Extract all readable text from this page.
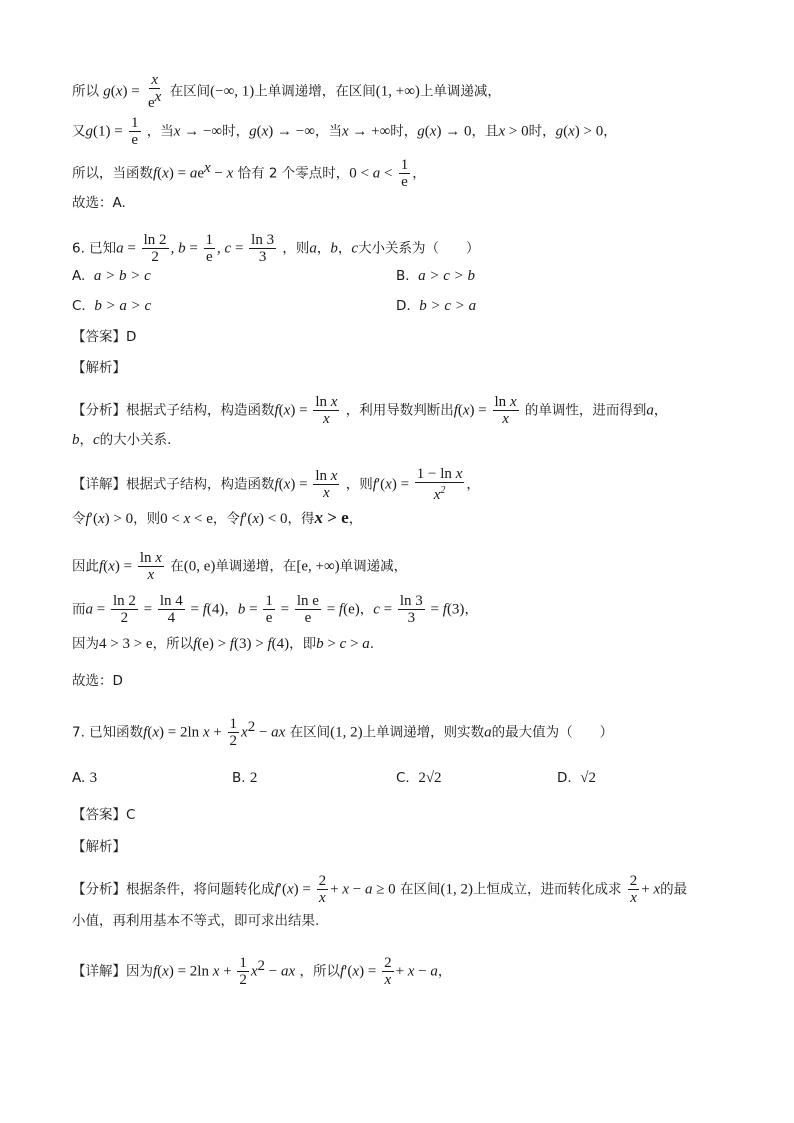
所以 $g(x) = \frac{x}{e^x}$ 在区间(−∞, 1)上单调递增，在区间(1, +∞)上单调递减，
又$g(1) = \frac{1}{e}$ ，当x → −∞时，g(x) → −∞，当x → +∞时，g(x) → 0，且x > 0时，g(x) > 0，
所以，当函数$f(x) = ae^x - x$ 恰有 2 个零点时，$0 < a < \frac{1}{e}$ ，
故选：A.
6. 已知$a = \frac{\ln 2}{2}$ , $b = \frac{1}{e}$ , $c = \frac{\ln 3}{3}$ ，则a，b，c大小关系为（　　）
A. a > b > c	B. a > c > b
C. b > a > c	D. b > c > a
【答案】D
【解析】
【分析】根据式子结构，构造函数$f(x) = \frac{\text{ln x}}{x}$ ，利用导数判断出$f(x) = \frac{\text{ln x}}{x}$ 的单调性，进而得到a，
b，c的大小关系.
【详解】根据式子结构，构造函数$f(x) = \frac{\text{ln x}}{x}$ ，则$f'(x) = \frac{\text{1 − ln x}}{x^2}$ ，
令f′(x) > 0，则0 < x < e，令f′(x) < 0，得x > e，
因此$f(x) = \frac{\text{ln x}}{x}$ 在(0, e)单调递增，在[e, +∞)单调递减，
而$a = \frac{\ln 2}{2} = \frac{\ln 4}{4} = f(4)$，$b = \frac{1}{e} = \frac{\text{ln e}}{e} = f(e)$，$c = \frac{\ln 3}{3} = f(3)$，
因为4 > 3 > e，所以f(e) > f(3) > f(4)，即b > c > a.
故选：D
7. 已知函数f(x) = 2ln $x + \frac{1}{2} x^2$ − ax 在区间(1, 2)上单调递增，则实数a的最大值为（　　）
A. 3	B. 2	C. 2√2	D. √2
【答案】C
【解析】
【分析】根据条件，将问题转化成$f'(x) = \frac{2}{x} + x - a \ge 0$ 在区间(1, 2)上恒成立，进而转化成求 $\frac{2}{x} + x$的最
小值，再利用基本不等式，即可求出结果.
【详解】因为f(x) = 2ln $x + \frac{1}{2} x^2$ − ax ，所以$f'(x) = \frac{2}{x} + x - a$，
